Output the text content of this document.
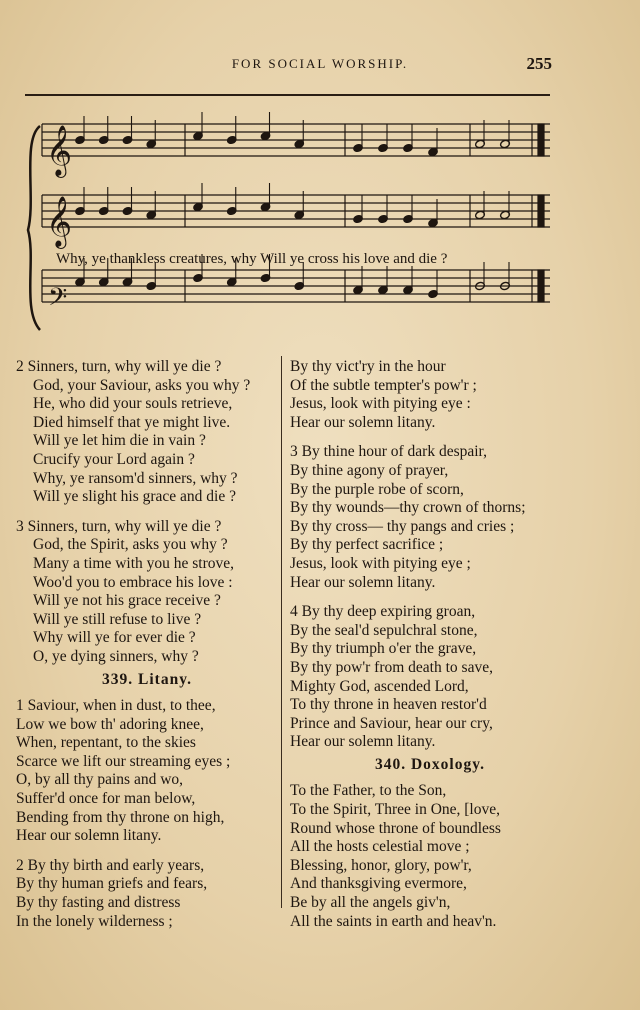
FOR SOCIAL WORSHIP.	255
𝄞
𝄞
𝄢
Why, ye thankless creatures, why Will ye cross his love and die ?
2 Sinners, turn, why will ye die ?
God, your Saviour, asks you why ?
He, who did your souls retrieve,
Died himself that ye might live.
Will ye let him die in vain ?
Crucify your Lord again ?
Why, ye ransom'd sinners, why ?
Will ye slight his grace and die ?
3 Sinners, turn, why will ye die ?
God, the Spirit, asks you why ?
Many a time with you he strove,
Woo'd you to embrace his love :
Will ye not his grace receive ?
Will ye still refuse to live ?
Why will ye for ever die ?
O, ye dying sinners, why ?
339. Litany.
1 Saviour, when in dust, to thee,
Low we bow th' adoring knee,
When, repentant, to the skies
Scarce we lift our streaming eyes ;
O, by all thy pains and wo,
Suffer'd once for man below,
Bending from thy throne on high,
Hear our solemn litany.
2 By thy birth and early years,
By thy human griefs and fears,
By thy fasting and distress
In the lonely wilderness ;
By thy vict'ry in the hour
Of the subtle tempter's pow'r ;
Jesus, look with pitying eye :
Hear our solemn litany.
3 By thine hour of dark despair,
By thine agony of prayer,
By the purple robe of scorn,
By thy wounds—thy crown of thorns;
By thy cross— thy pangs and cries ;
By thy perfect sacrifice ;
Jesus, look with pitying eye ;
Hear our solemn litany.
4 By thy deep expiring groan,
By the seal'd sepulchral stone,
By thy triumph o'er the grave,
By thy pow'r from death to save,
Mighty God, ascended Lord,
To thy throne in heaven restor'd
Prince and Saviour, hear our cry,
Hear our solemn litany.
340. Doxology.
To the Father, to the Son,
To the Spirit, Three in One, [love,
Round whose throne of boundless
All the hosts celestial move ;
Blessing, honor, glory, pow'r,
And thanksgiving evermore,
Be by all the angels giv'n,
All the saints in earth and heav'n.
